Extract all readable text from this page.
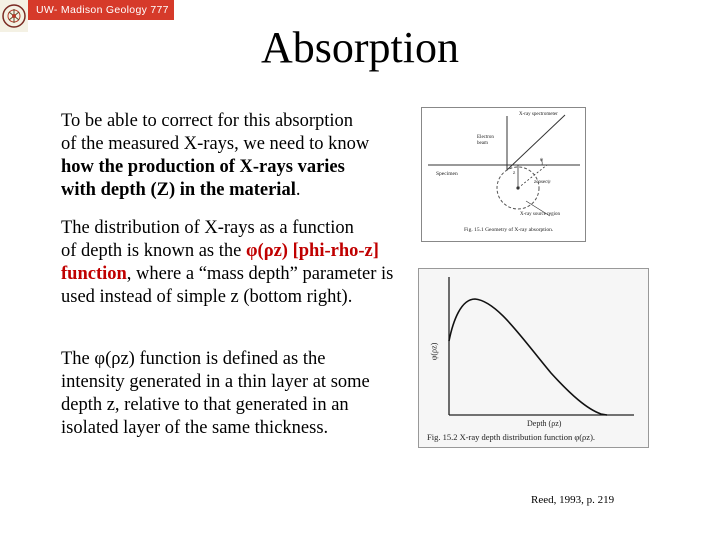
UW- Madison Geology 777
Absorption
To be able to correct for this absorption
of the measured X-rays, we need to know
how the production of X-rays varies
with depth (Z) in the material.
The distribution of X-rays as a function
of depth is known as the φ(ρz) [phi-rho-z] function, where a “mass depth” parameter is used instead of simple z (bottom right).
The φ(ρz) function is defined as the
intensity generated in a thin layer at some
depth z, relative to that generated in an
isolated layer of the same thickness.
X-ray spectrometer
Electron beam
Specimen
ψ
z
zcosecψ
X-ray source region
Fig. 15.1 Geometry of X-ray absorption.
φ(ρz)
Depth (ρz)
Fig. 15.2 X-ray depth distribution function φ(ρz).
Reed, 1993, p. 219
